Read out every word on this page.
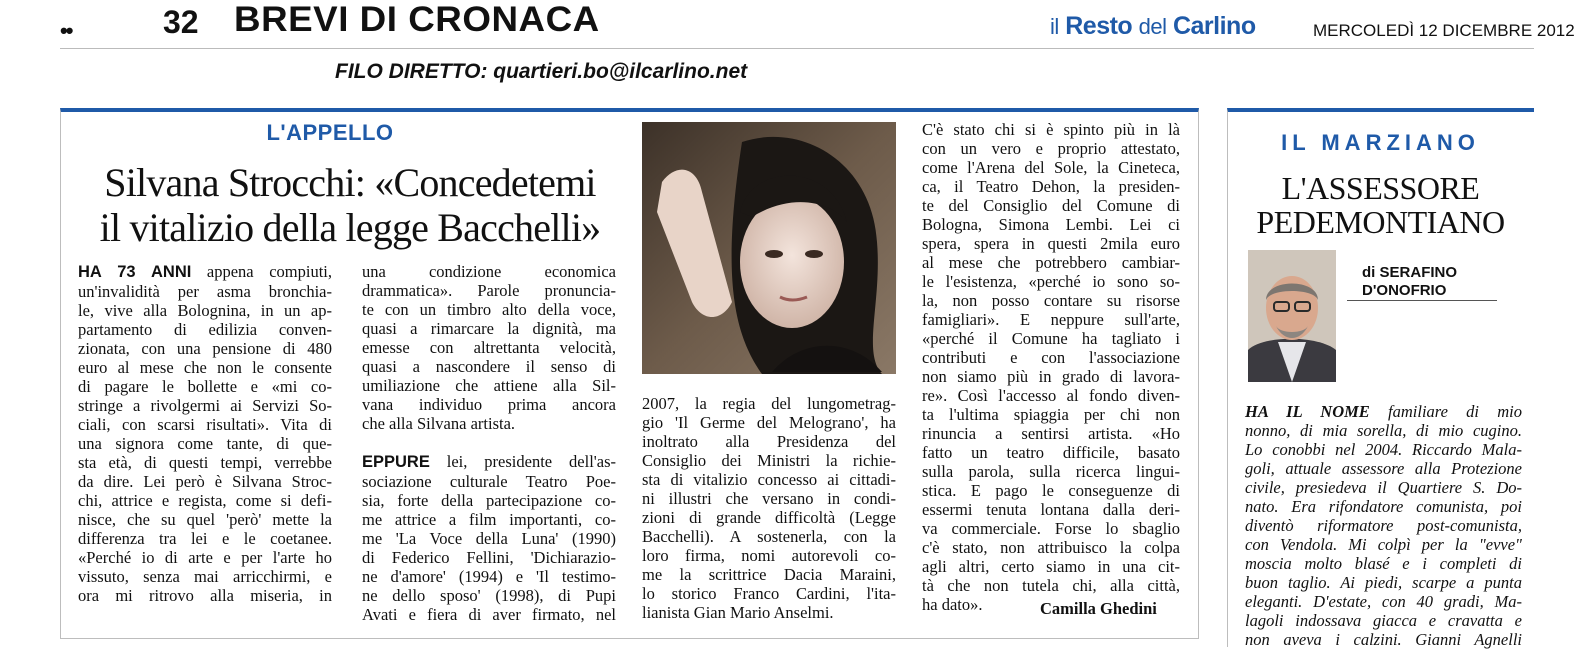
••	32 BREVI DI CRONACA	il Resto del Carlino	MERCOLEDÌ 12 DICEMBRE 2012
FILO DIRETTO: quartieri.bo@ilcarlino.net
L'APPELLO
Silvana Strocchi: «Concedetemi
il vitalizio della legge Bacchelli»
HA 73 ANNI appena compiuti,
un'invalidità per asma bronchia-
le, vive alla Bolognina, in un ap-
partamento di edilizia conven-
zionata, con una pensione di 480
euro al mese che non le consente
di pagare le bollette e «mi co-
stringe a rivolgermi ai Servizi So-
ciali, con scarsi risultati». Vita di
una signora come tante, di que-
sta età, di questi tempi, verrebbe
da dire. Lei però è Silvana Stroc-
chi, attrice e regista, come si defi-
nisce, che su quel 'però' mette la
differenza tra lei e le coetanee.
«Perché io di arte e per l'arte ho
vissuto, senza mai arricchirmi, e
ora mi ritrovo alla miseria, in
una condizione economica
drammatica». Parole pronuncia-
te con un timbro alto della voce,
quasi a rimarcare la dignità, ma
emesse con altrettanta velocità,
quasi a nascondere il senso di
umiliazione che attiene alla Sil-
vana individuo prima ancora
che alla Silvana artista.
EPPURE lei, presidente dell'as-
sociazione culturale Teatro Poe-
sia, forte della partecipazione co-
me attrice a film importanti, co-
me 'La Voce della Luna' (1990)
di Federico Fellini, 'Dichiarazio-
ne d'amore' (1994) e 'Il testimo-
ne dello sposo' (1998), di Pupi
Avati e fiera di aver firmato, nel
2007, la regia del lungometrag-
gio 'Il Germe del Melograno', ha
inoltrato alla Presidenza del
Consiglio dei Ministri la richie-
sta di vitalizio concesso ai cittadi-
ni illustri che versano in condi-
zioni di grande difficoltà (Legge
Bacchelli). A sostenerla, con la
loro firma, nomi autorevoli co-
me la scrittrice Dacia Maraini,
lo storico Franco Cardini, l'ita-
lianista Gian Mario Anselmi.
C'è stato chi si è spinto più in là
con un vero e proprio attestato,
come l'Arena del Sole, la Cineteca,
ca, il Teatro Dehon, la presiden-
te del Consiglio del Comune di
Bologna, Simona Lembi. Lei ci
spera, spera in questi 2mila euro
al mese che potrebbero cambiar-
le l'esistenza, «perché io sono so-
la, non posso contare su risorse
famigliari». E neppure sull'arte,
«perché il Comune ha tagliato i
contributi e con l'associazione
non siamo più in grado di lavora-
re». Così l'accesso al fondo diven-
ta l'ultima spiaggia per chi non
rinuncia a sentirsi artista. «Ho
fatto un teatro difficile, basato
sulla parola, sulla ricerca lingui-
stica. E pago le conseguenze di
essermi tenuta lontana dalla deri-
va commerciale. Forse lo sbaglio
c'è stato, non attribuisco la colpa
agli altri, certo siamo in una cit-
tà che non tutela chi, alla città,
ha dato».	Camilla Ghedini
IL MARZIANO
L'ASSESSORE
PEDEMONTIANO
di SERAFINO
D'ONOFRIO
HA IL NOME familiare di mio
nonno, di mia sorella, di mio cugino.
Lo conobbi nel 2004. Riccardo Mala-
goli, attuale assessore alla Protezione
civile, presiedeva il Quartiere S. Do-
nato. Era rifondatore comunista, poi
diventò riformatore post-comunista,
con Vendola. Mi colpì per la "evve"
moscia molto blasé e i completi di
buon taglio. Ai piedi, scarpe a punta
eleganti. D'estate, con 40 gradi, Ma-
lagoli indossava giacca e cravatta e
non aveva i calzini. Gianni Agnelli
